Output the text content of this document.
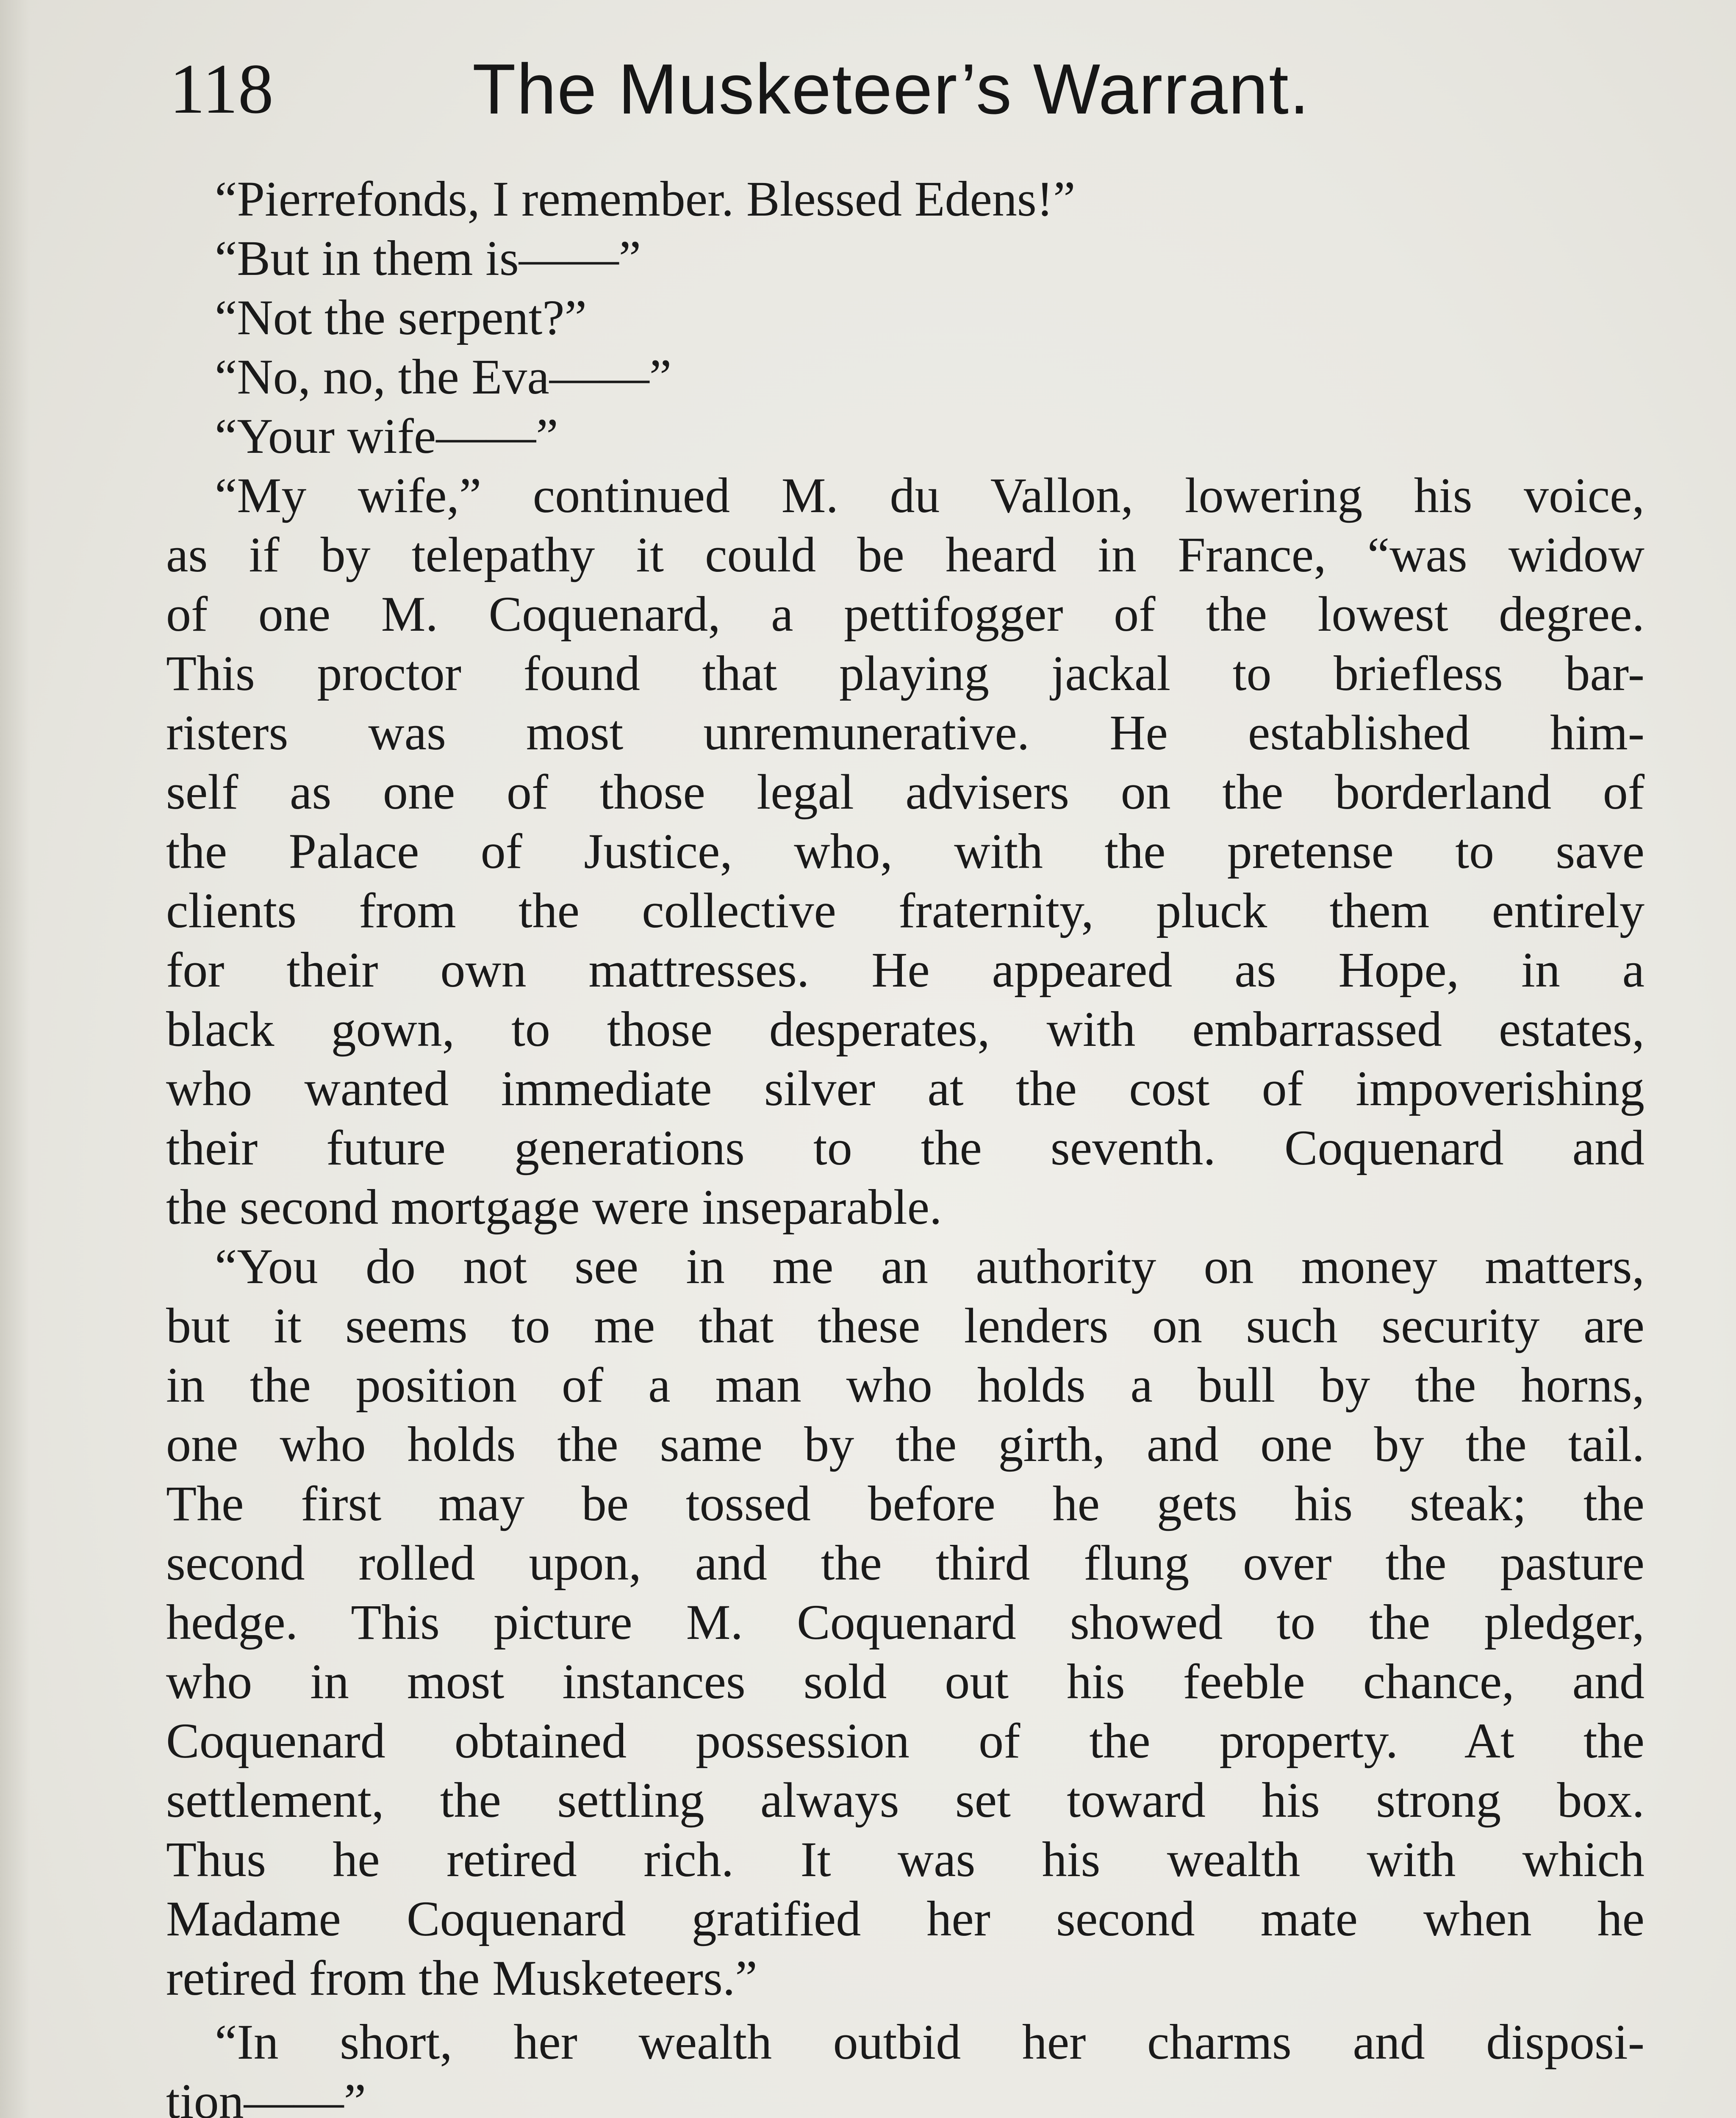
118	The Musketeer’s Warrant.
“Pierrefonds, I remember. Blessed Edens!”
“But in them is——”
“Not the serpent?”
“No, no, the Eva——”
“Your wife——”
“My wife,” continued M. du Vallon, lowering his voice,
as if by telepathy it could be heard in France, “was widow
of one M. Coquenard, a pettifogger of the lowest degree.
This proctor found that playing jackal to briefless bar-
risters was most unremunerative. He established him-
self as one of those legal advisers on the borderland of
the Palace of Justice, who, with the pretense to save
clients from the collective fraternity, pluck them entirely
for their own mattresses. He appeared as Hope, in a
black gown, to those desperates, with embarrassed estates,
who wanted immediate silver at the cost of impoverishing
their future generations to the seventh. Coquenard and
the second mortgage were inseparable.
“You do not see in me an authority on money matters,
but it seems to me that these lenders on such security are
in the position of a man who holds a bull by the horns,
one who holds the same by the girth, and one by the tail.
The first may be tossed before he gets his steak; the
second rolled upon, and the third flung over the pasture
hedge. This picture M. Coquenard showed to the pledger,
who in most instances sold out his feeble chance, and
Coquenard obtained possession of the property. At the
settlement, the settling always set toward his strong box.
Thus he retired rich. It was his wealth with which
Madame Coquenard gratified her second mate when he
retired from the Musketeers.”
“In short, her wealth outbid her charms and disposi-
tion——”
